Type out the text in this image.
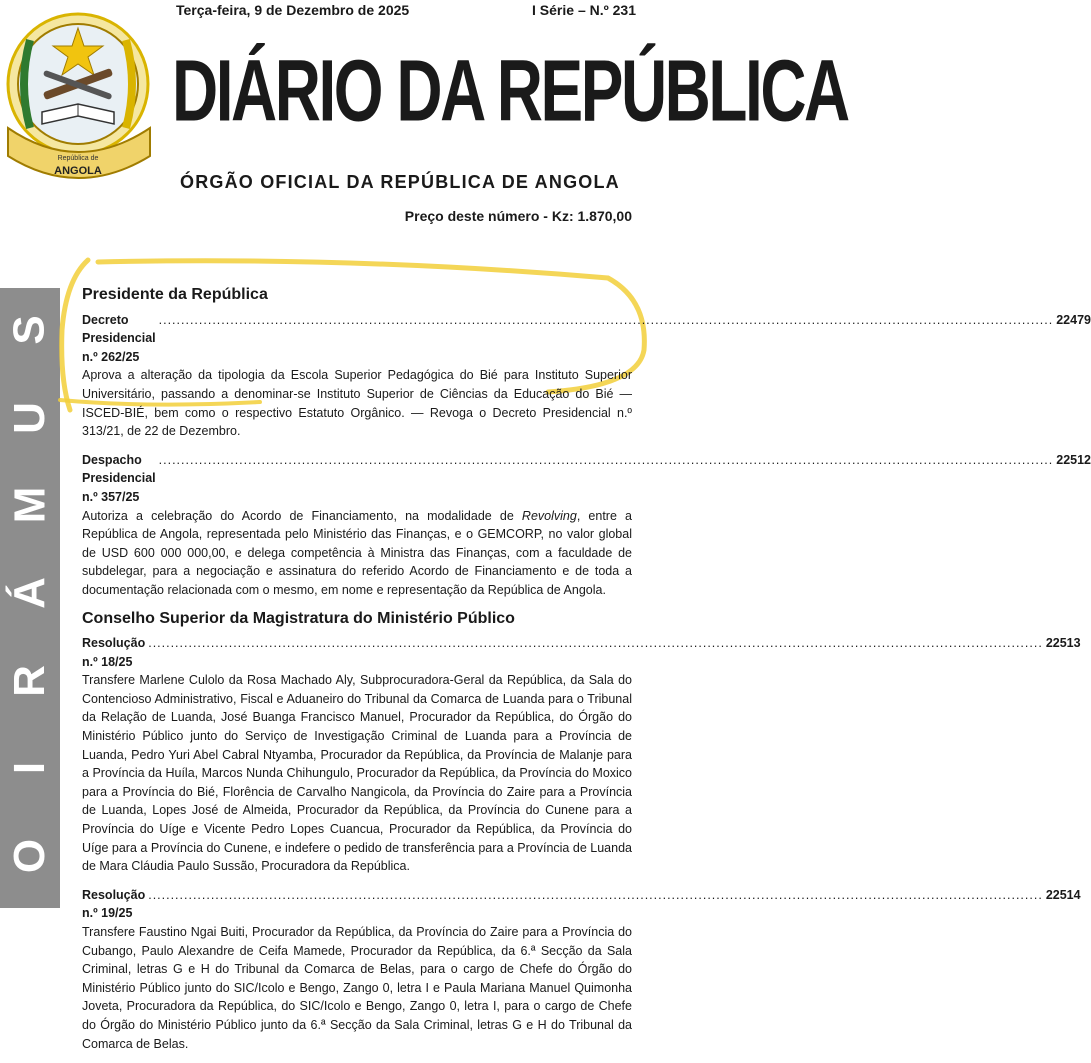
República de
ANGOLA
Terça-feira, 9 de Dezembro de 2025	I Série – N.º 231
DIÁRIO DA REPÚBLICA
ÓRGÃO OFICIAL DA REPÚBLICA DE ANGOLA
Preço deste número - Kz: 1.870,00
S
U
M
Á
R
I
O
Presidente da República
Decreto Presidencial n.º 262/25
.....
22479
Aprova a alteração da tipologia da Escola Superior Pedagógica do Bié para Instituto Superior Universitário, passando a denominar-se Instituto Superior de Ciências da Educação do Bié — ISCED-BIÉ, bem como o respectivo Estatuto Orgânico. — Revoga o Decreto Presidencial n.º 313/21, de 22 de Dezembro.
Despacho Presidencial n.º 357/25
.....
22512
Autoriza a celebração do Acordo de Financiamento, na modalidade de Revolving, entre a República de Angola, representada pelo Ministério das Finanças, e o GEMCORP, no valor global de USD 600 000 000,00, e delega competência à Ministra das Finanças, com a faculdade de subdelegar, para a negociação e assinatura do referido Acordo de Financiamento e de toda a documentação relacionada com o mesmo, em nome e representação da República de Angola.
Conselho Superior da Magistratura do Ministério Público
Resolução n.º 18/25
.....
22513
Transfere Marlene Culolo da Rosa Machado Aly, Subprocuradora-Geral da República, da Sala do Contencioso Administrativo, Fiscal e Aduaneiro do Tribunal da Comarca de Luanda para o Tribunal da Relação de Luanda, José Buanga Francisco Manuel, Procurador da República, do Órgão do Ministério Público junto do Serviço de Investigação Criminal de Luanda para a Província de Luanda, Pedro Yuri Abel Cabral Ntyamba, Procurador da República, da Província de Malanje para a Província da Huíla, Marcos Nunda Chihungulo, Procurador da República, da Província do Moxico para a Província do Bié, Florência de Carvalho Nangicola, da Província do Zaire para a Província de Luanda, Lopes José de Almeida, Procurador da República, da Província do Cunene para a Província do Uíge e Vicente Pedro Lopes Cuancua, Procurador da República, da Província do Uíge para a Província do Cunene, e indefere o pedido de transferência para a Província de Luanda de Mara Cláudia Paulo Sussão, Procuradora da República.
Resolução n.º 19/25
.....
22514
Transfere Faustino Ngai Buiti, Procurador da República, da Província do Zaire para a Província do Cubango, Paulo Alexandre de Ceifa Mamede, Procurador da República, da 6.ª Secção da Sala Criminal, letras G e H do Tribunal da Comarca de Belas, para o cargo de Chefe do Órgão do Ministério Público junto do SIC/Icolo e Bengo, Zango 0, letra I e Paula Mariana Manuel Quimonha Joveta, Procuradora da República, do SIC/Icolo e Bengo, Zango 0, letra I, para o cargo de Chefe do Órgão do Ministério Público junto da 6.ª Secção da Sala Criminal, letras G e H do Tribunal da Comarca de Belas.
